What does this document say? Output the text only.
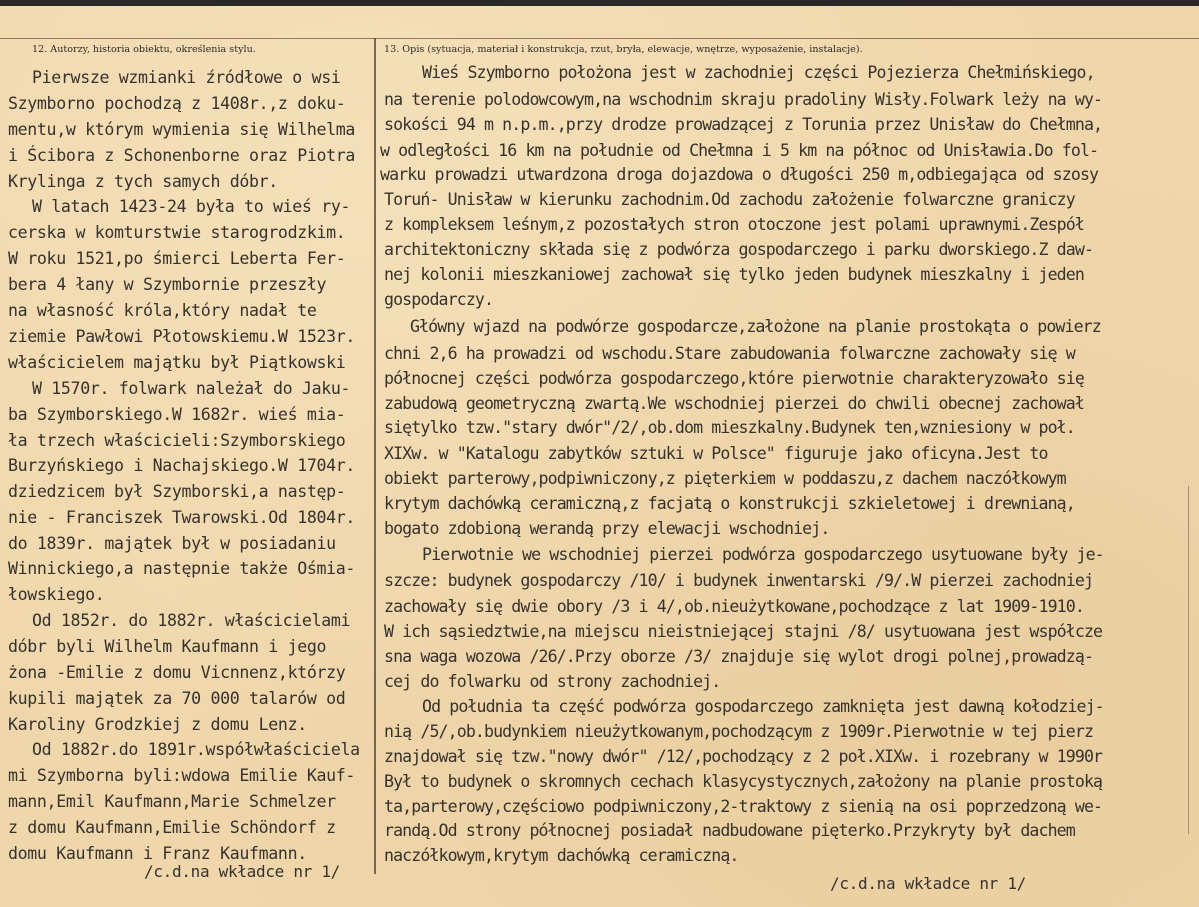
12. Autorzy, historia obiektu, określenia stylu.	13. Opis (sytuacja, materiał i konstrukcja, rzut, bryła, elewacje, wnętrze, wyposażenie, instalacje).
Pierwsze wzmianki źródłowe o wsi
Szymborno pochodzą z 1408r.,z doku-
mentu,w którym wymienia się Wilhelma
i Ścibora z Schonenborne oraz Piotra
Krylinga z tych samych dóbr.
W latach 1423-24 była to wieś ry-
cerska w komturstwie starogrodzkim.
W roku 1521,po śmierci Leberta Fer-
bera 4 łany w Szymbornie przeszły
na własność króla,który nadał te
ziemie Pawłowi Płotowskiemu.W 1523r.
właścicielem majątku był Piątkowski
W 1570r. folwark należał do Jaku-
ba Szymborskiego.W 1682r. wieś mia-
ła trzech właścicieli:Szymborskiego
Burzyńskiego i Nachajskiego.W 1704r.
dziedzicem był Szymborski,a następ-
nie - Franciszek Twarowski.Od 1804r.
do 1839r. majątek był w posiadaniu
Winnickiego,a następnie także Ośmia-
łowskiego.
Od 1852r. do 1882r. właścicielami
dóbr byli Wilhelm Kaufmann i jego
żona -Emilie z domu Vicnnenz,którzy
kupili majątek za 70 000 talarów od
Karoliny Grodzkiej z domu Lenz.
Od 1882r.do 1891r.współwłaściciela
mi Szymborna byli:wdowa Emilie Kauf-
mann,Emil Kaufmann,Marie Schmelzer
z domu Kaufmann,Emilie Schöndorf z
domu Kaufmann i Franz Kaufmann.
Wieś Szymborno położona jest w zachodniej części Pojezierza Chełmińskiego,
na terenie polodowcowym,na wschodnim skraju pradoliny Wisły.Folwark leży na wy-
sokości 94 m n.p.m.,przy drodze prowadzącej z Torunia przez Unisław do Chełmna,
w odległości 16 km na południe od Chełmna i 5 km na północ od Unisławia.Do fol-
warku prowadzi utwardzona droga dojazdowa o długości 250 m,odbiegająca od szosy
Toruń- Unisław w kierunku zachodnim.Od zachodu założenie folwarczne graniczy
z kompleksem leśnym,z pozostałych stron otoczone jest polami uprawnymi.Zespół
architektoniczny składa się z podwórza gospodarczego i parku dworskiego.Z daw-
nej kolonii mieszkaniowej zachował się tylko jeden budynek mieszkalny i jeden
gospodarczy.
Główny wjazd na podwórze gospodarcze,założone na planie prostokąta o powierz
chni 2,6 ha prowadzi od wschodu.Stare zabudowania folwarczne zachowały się w
północnej części podwórza gospodarczego,które pierwotnie charakteryzowało się
zabudową geometryczną zwartą.We wschodniej pierzei do chwili obecnej zachował
siętylko tzw."stary dwór"/2/,ob.dom mieszkalny.Budynek ten,wzniesiony w poł.
XIXw. w "Katalogu zabytków sztuki w Polsce" figuruje jako oficyna.Jest to
obiekt parterowy,podpiwniczony,z pięterkiem w poddaszu,z dachem naczółkowym
krytym dachówką ceramiczną,z facjatą o konstrukcji szkieletowej i drewnianą,
bogato zdobioną werandą przy elewacji wschodniej.
Pierwotnie we wschodniej pierzei podwórza gospodarczego usytuowane były je-
szcze: budynek gospodarczy /10/ i budynek inwentarski /9/.W pierzei zachodniej
zachowały się dwie obory /3 i 4/,ob.nieużytkowane,pochodzące z lat 1909-1910.
W ich sąsiedztwie,na miejscu nieistniejącej stajni /8/ usytuowana jest współcze
sna waga wozowa /26/.Przy oborze /3/ znajduje się wylot drogi polnej,prowadzą-
cej do folwarku od strony zachodniej.
Od południa ta część podwórza gospodarczego zamknięta jest dawną kołodziej-
nią /5/,ob.budynkiem nieużytkowanym,pochodzącym z 1909r.Pierwotnie w tej pierz
znajdował się tzw."nowy dwór" /12/,pochodzący z 2 poł.XIXw. i rozebrany w 1990r
Był to budynek o skromnych cechach klasycystycznych,założony na planie prostoką
ta,parterowy,częściowo podpiwniczony,2-traktowy z sienią na osi poprzedzoną we-
randą.Od strony północnej posiadał nadbudowane pięterko.Przykryty był dachem
naczółkowym,krytym dachówką ceramiczną.
/c.d.na wkładce nr 1/
/c.d.na wkładce nr 1/
